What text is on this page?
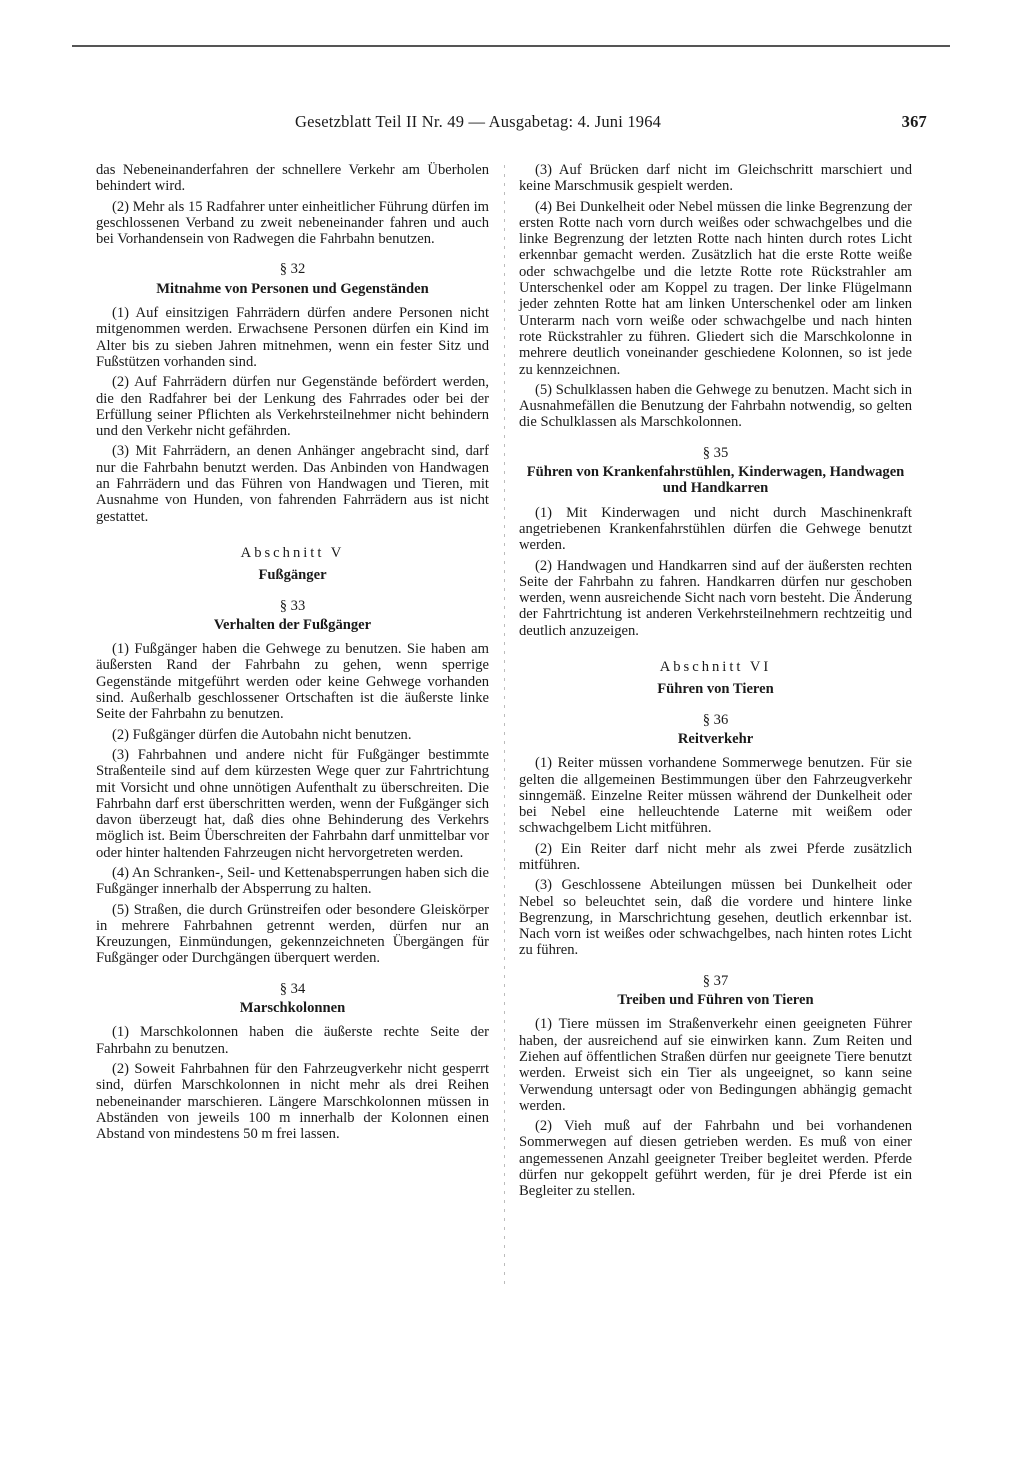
Gesetzblatt Teil II Nr. 49 — Ausgabetag: 4. Juni 1964	367

das Nebeneinanderfahren der schnellere Verkehr am Überholen behindert wird.

(2) Mehr als 15 Radfahrer unter einheitlicher Führung dürfen im geschlossenen Verband zu zweit nebeneinander fahren und auch bei Vorhandensein von Radwegen die Fahrbahn benutzen.

§ 32

Mitnahme von Personen und Gegenständen

(1) Auf einsitzigen Fahrrädern dürfen andere Personen nicht mitgenommen werden. Erwachsene Personen dürfen ein Kind im Alter bis zu sieben Jahren mitnehmen, wenn ein fester Sitz und Fußstützen vorhanden sind.

(2) Auf Fahrrädern dürfen nur Gegenstände befördert werden, die den Radfahrer bei der Lenkung des Fahrrades oder bei der Erfüllung seiner Pflichten als Verkehrsteilnehmer nicht behindern und den Verkehr nicht gefährden.

(3) Mit Fahrrädern, an denen Anhänger angebracht sind, darf nur die Fahrbahn benutzt werden. Das Anbinden von Handwagen an Fahrrädern und das Führen von Handwagen und Tieren, mit Ausnahme von Hunden, von fahrenden Fahrrädern aus ist nicht gestattet.

Abschnitt V

Fußgänger

§ 33

Verhalten der Fußgänger

(1) Fußgänger haben die Gehwege zu benutzen. Sie haben am äußersten Rand der Fahrbahn zu gehen, wenn sperrige Gegenstände mitgeführt werden oder keine Gehwege vorhanden sind. Außerhalb geschlossener Ortschaften ist die äußerste linke Seite der Fahrbahn zu benutzen.

(2) Fußgänger dürfen die Autobahn nicht benutzen.

(3) Fahrbahnen und andere nicht für Fußgänger bestimmte Straßenteile sind auf dem kürzesten Wege quer zur Fahrtrichtung mit Vorsicht und ohne unnötigen Aufenthalt zu überschreiten. Die Fahrbahn darf erst überschritten werden, wenn der Fußgänger sich davon überzeugt hat, daß dies ohne Behinderung des Verkehrs möglich ist. Beim Überschreiten der Fahrbahn darf unmittelbar vor oder hinter haltenden Fahrzeugen nicht hervorgetreten werden.

(4) An Schranken-, Seil- und Kettenabsperrungen haben sich die Fußgänger innerhalb der Absperrung zu halten.

(5) Straßen, die durch Grünstreifen oder besondere Gleiskörper in mehrere Fahrbahnen getrennt werden, dürfen nur an Kreuzungen, Einmündungen, gekennzeichneten Übergängen für Fußgänger oder Durchgängen überquert werden.

§ 34

Marschkolonnen

(1) Marschkolonnen haben die äußerste rechte Seite der Fahrbahn zu benutzen.

(2) Soweit Fahrbahnen für den Fahrzeugverkehr nicht gesperrt sind, dürfen Marschkolonnen in nicht mehr als drei Reihen nebeneinander marschieren. Längere Marschkolonnen müssen in Abständen von jeweils 100 m innerhalb der Kolonnen einen Abstand von mindestens 50 m frei lassen.

(3) Auf Brücken darf nicht im Gleichschritt marschiert und keine Marschmusik gespielt werden.

(4) Bei Dunkelheit oder Nebel müssen die linke Begrenzung der ersten Rotte nach vorn durch weißes oder schwachgelbes und die linke Begrenzung der letzten Rotte nach hinten durch rotes Licht erkennbar gemacht werden. Zusätzlich hat die erste Rotte weiße oder schwachgelbe und die letzte Rotte rote Rückstrahler am Unterschenkel oder am Koppel zu tragen. Der linke Flügelmann jeder zehnten Rotte hat am linken Unterschenkel oder am linken Unterarm nach vorn weiße oder schwachgelbe und nach hinten rote Rückstrahler zu führen. Gliedert sich die Marschkolonne in mehrere deutlich voneinander geschiedene Kolonnen, so ist jede zu kennzeichnen.

(5) Schulklassen haben die Gehwege zu benutzen. Macht sich in Ausnahmefällen die Benutzung der Fahrbahn notwendig, so gelten die Schulklassen als Marschkolonnen.

§ 35

Führen von Krankenfahrstühlen, Kinderwagen, Handwagen und Handkarren

(1) Mit Kinderwagen und nicht durch Maschinenkraft angetriebenen Krankenfahrstühlen dürfen die Gehwege benutzt werden.

(2) Handwagen und Handkarren sind auf der äußersten rechten Seite der Fahrbahn zu fahren. Handkarren dürfen nur geschoben werden, wenn ausreichende Sicht nach vorn besteht. Die Änderung der Fahrtrichtung ist anderen Verkehrsteilnehmern rechtzeitig und deutlich anzuzeigen.

Abschnitt VI

Führen von Tieren

§ 36

Reitverkehr

(1) Reiter müssen vorhandene Sommerwege benutzen. Für sie gelten die allgemeinen Bestimmungen über den Fahrzeugverkehr sinngemäß. Einzelne Reiter müssen während der Dunkelheit oder bei Nebel eine helleuchtende Laterne mit weißem oder schwachgelbem Licht mitführen.

(2) Ein Reiter darf nicht mehr als zwei Pferde zusätzlich mitführen.

(3) Geschlossene Abteilungen müssen bei Dunkelheit oder Nebel so beleuchtet sein, daß die vordere und hintere linke Begrenzung, in Marschrichtung gesehen, deutlich erkennbar ist. Nach vorn ist weißes oder schwachgelbes, nach hinten rotes Licht zu führen.

§ 37

Treiben und Führen von Tieren

(1) Tiere müssen im Straßenverkehr einen geeigneten Führer haben, der ausreichend auf sie einwirken kann. Zum Reiten und Ziehen auf öffentlichen Straßen dürfen nur geeignete Tiere benutzt werden. Erweist sich ein Tier als ungeeignet, so kann seine Verwendung untersagt oder von Bedingungen abhängig gemacht werden.

(2) Vieh muß auf der Fahrbahn und bei vorhandenen Sommerwegen auf diesen getrieben werden. Es muß von einer angemessenen Anzahl geeigneter Treiber begleitet werden. Pferde dürfen nur gekoppelt geführt werden, für je drei Pferde ist ein Begleiter zu stellen.
